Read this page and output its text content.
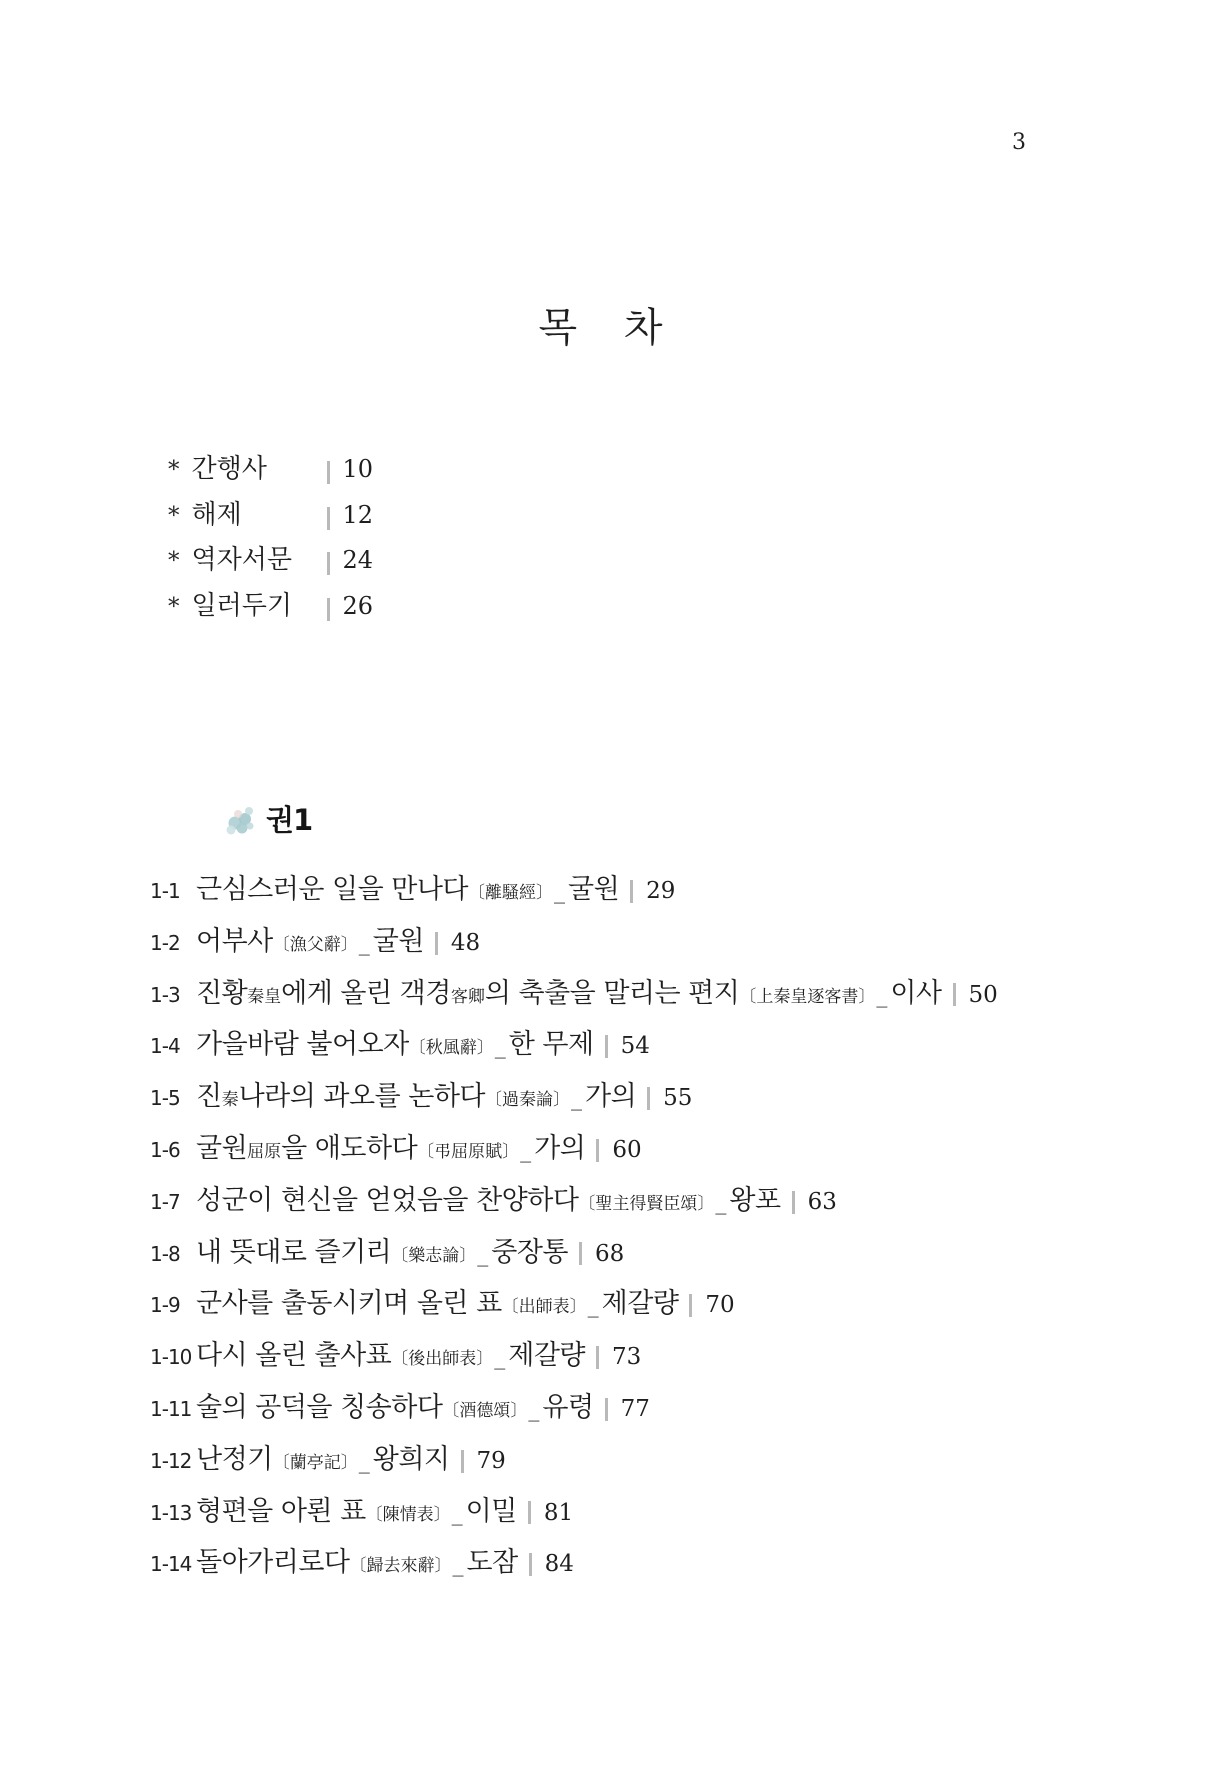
3
목 차
* 간행사	10
* 해제	12
* 역자서문	24
* 일러두기	26
권1
1-1 근심스러운 일을 만나다〔離騷經〕 _ 굴원 29
1-2 어부사〔漁父辭〕 _ 굴원 48
1-3 진황秦皇에게 올린 객경客卿의 축출을 말리는 편지〔上秦皇逐客書〕 _ 이사 50
1-4 가을바람 불어오자〔秋風辭〕 _ 한 무제 54
1-5 진秦나라의 과오를 논하다〔過秦論〕 _ 가의 55
1-6 굴원屈原을 애도하다〔弔屈原賦〕 _ 가의 60
1-7 성군이 현신을 얻었음을 찬양하다〔聖主得賢臣頌〕 _ 왕포 63
1-8 내 뜻대로 즐기리〔樂志論〕 _ 중장통 68
1-9 군사를 출동시키며 올린 표〔出師表〕 _ 제갈량 70
1-10 다시 올린 출사표〔後出師表〕 _ 제갈량 73
1-11 술의 공덕을 칭송하다〔酒德頌〕 _ 유령 77
1-12 난정기〔蘭亭記〕 _ 왕희지 79
1-13 형편을 아뢴 표〔陳情表〕 _ 이밀 81
1-14 돌아가리로다〔歸去來辭〕 _ 도잠 84
